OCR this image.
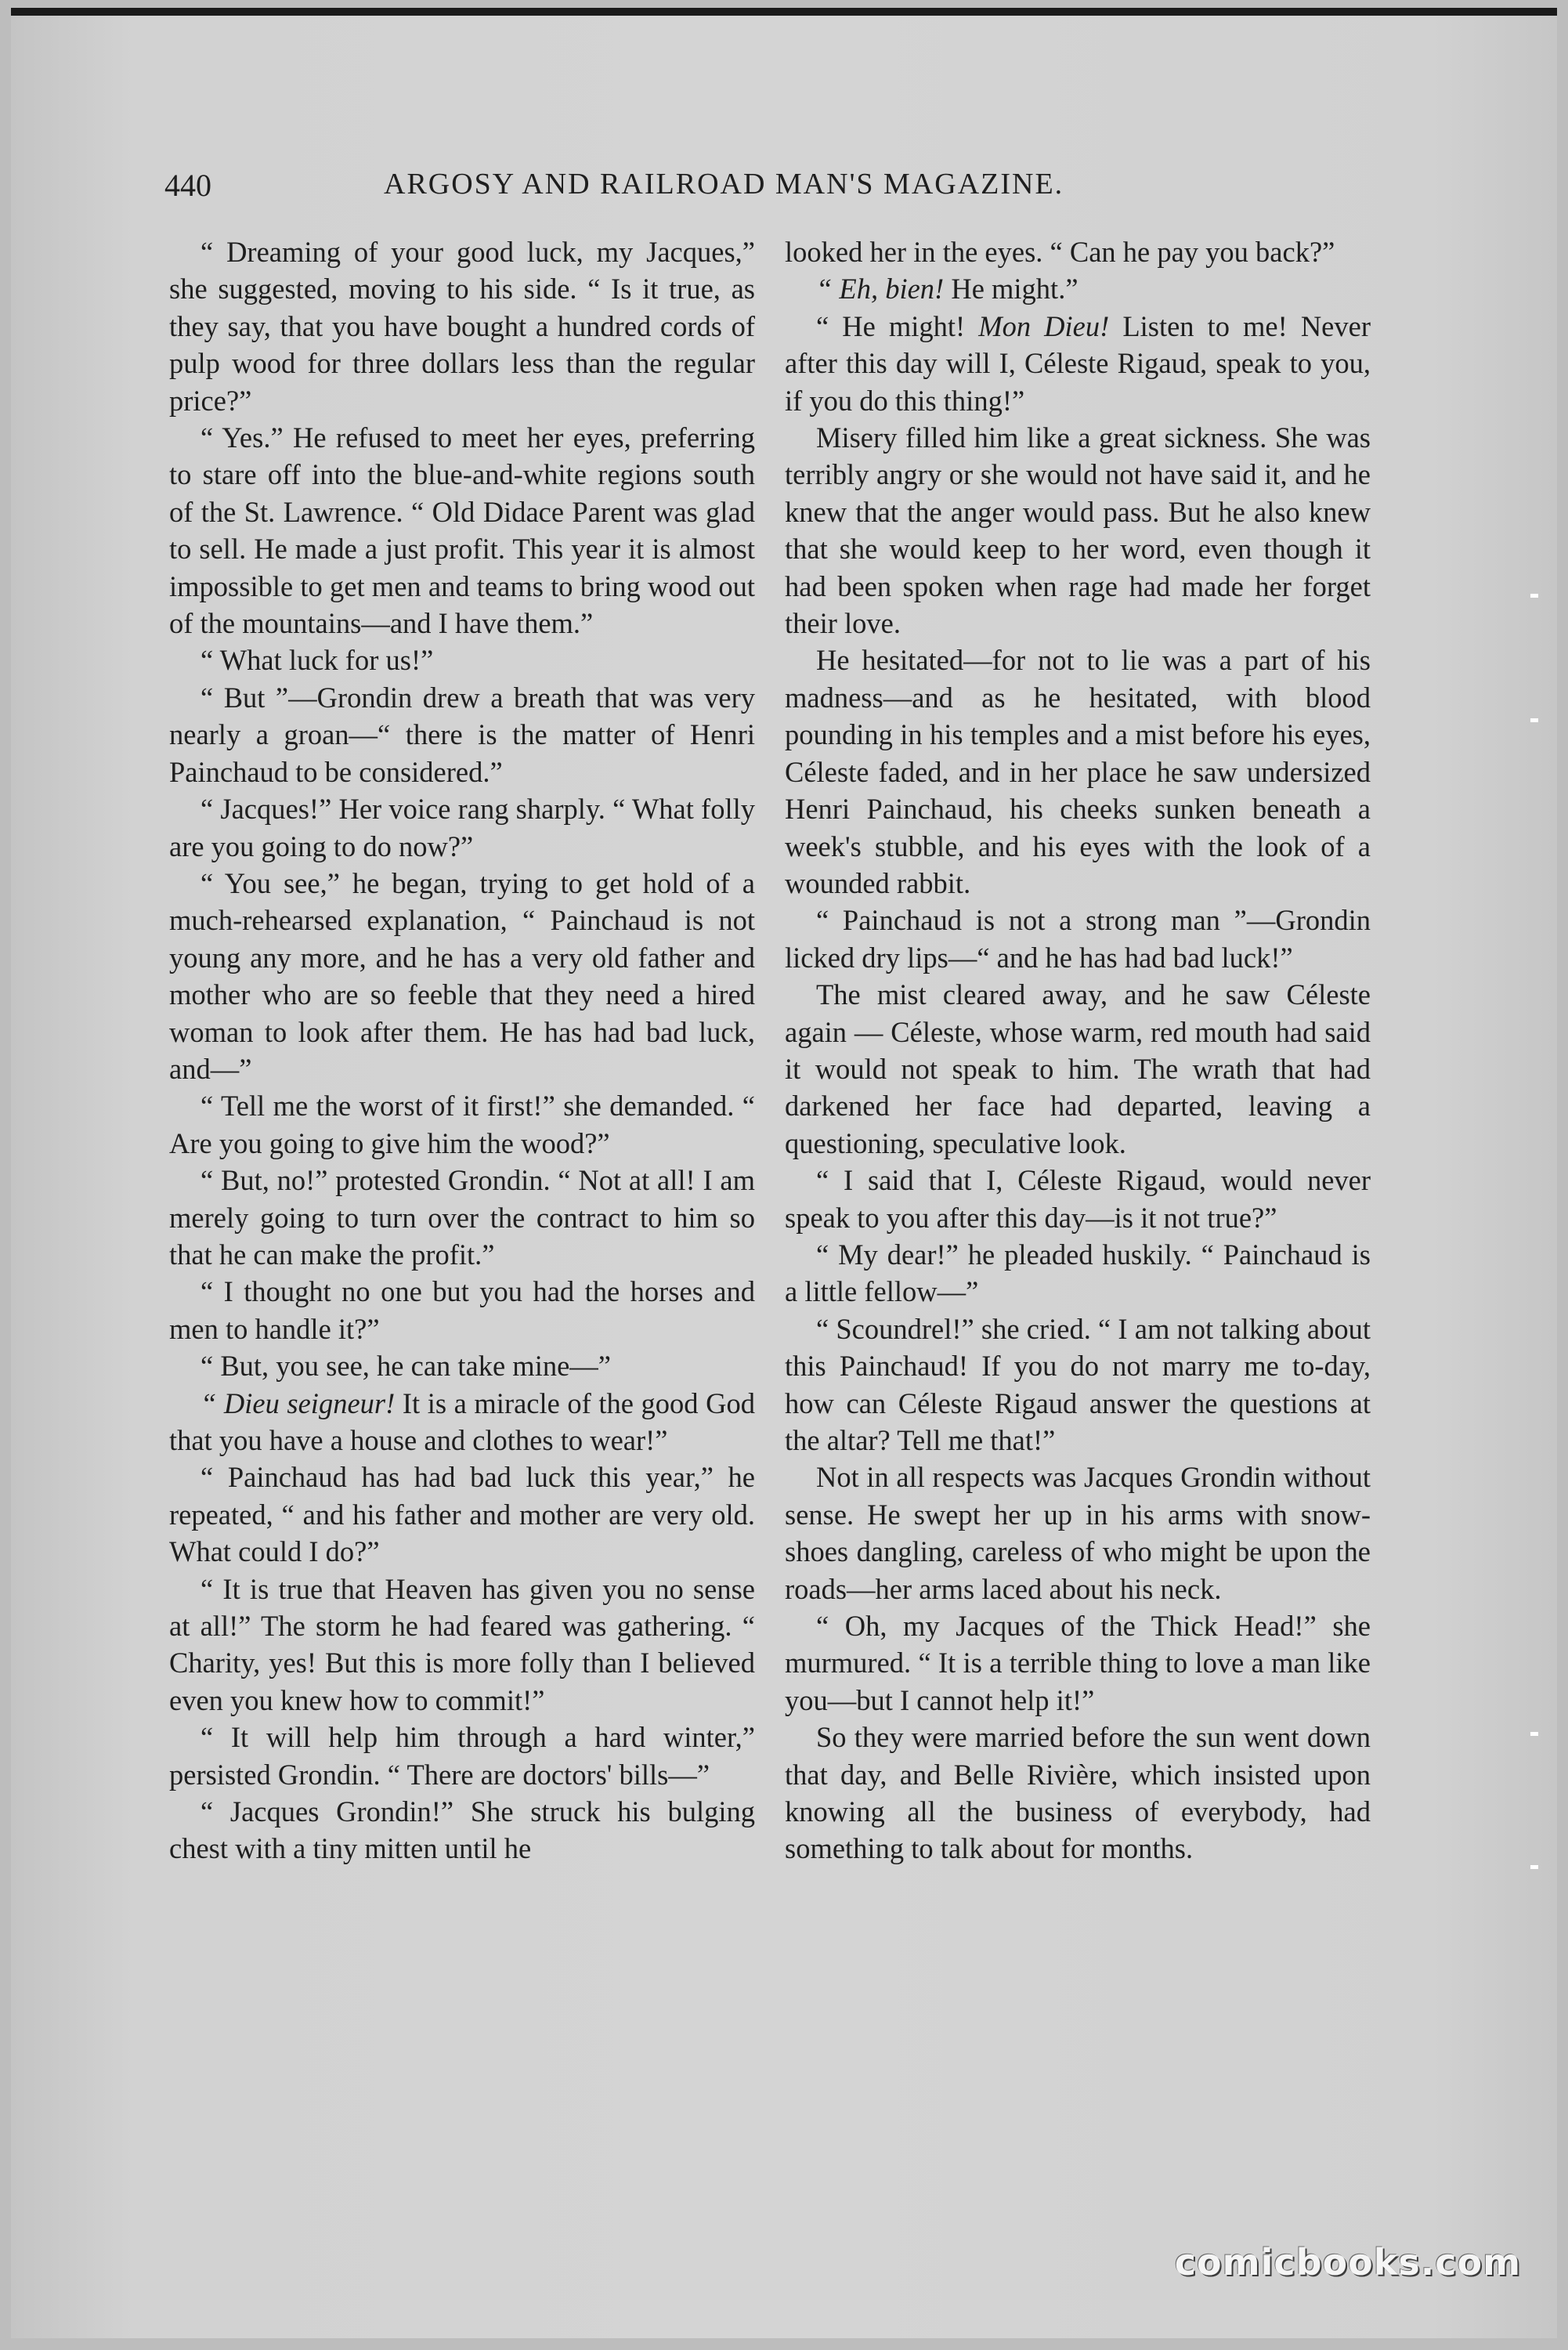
440	ARGOSY AND RAILROAD MAN'S MAGAZINE.

“ Dreaming of your good luck, my Jacques,” she suggested, moving to his side. “ Is it true, as they say, that you have bought a hundred cords of pulp wood for three dollars less than the regular price?”

“ Yes.” He refused to meet her eyes, preferring to stare off into the blue-and-white regions south of the St. Lawrence. “ Old Didace Parent was glad to sell. He made a just profit. This year it is almost impossible to get men and teams to bring wood out of the mountains—and I have them.”

“ What luck for us!”

“ But ”—Grondin drew a breath that was very nearly a groan—“ there is the matter of Henri Painchaud to be considered.”

“ Jacques!” Her voice rang sharply. “ What folly are you going to do now?”

“ You see,” he began, trying to get hold of a much-rehearsed explanation, “ Painchaud is not young any more, and he has a very old father and mother who are so feeble that they need a hired woman to look after them. He has had bad luck, and—”

“ Tell me the worst of it first!” she demanded. “ Are you going to give him the wood?”

“ But, no!” protested Grondin. “ Not at all! I am merely going to turn over the contract to him so that he can make the profit.”

“ I thought no one but you had the horses and men to handle it?”

“ But, you see, he can take mine—”

“ Dieu seigneur! It is a miracle of the good God that you have a house and clothes to wear!”

“ Painchaud has had bad luck this year,” he repeated, “ and his father and mother are very old. What could I do?”

“ It is true that Heaven has given you no sense at all!” The storm he had feared was gathering. “ Charity, yes! But this is more folly than I believed even you knew how to commit!”

“ It will help him through a hard winter,” persisted Grondin. “ There are doctors' bills—”

“ Jacques Grondin!” She struck his bulging chest with a tiny mitten until he

looked her in the eyes. “ Can he pay you back?”

“ Eh, bien! He might.”

“ He might! Mon Dieu! Listen to me! Never after this day will I, Céleste Rigaud, speak to you, if you do this thing!”

Misery filled him like a great sickness. She was terribly angry or she would not have said it, and he knew that the anger would pass. But he also knew that she would keep to her word, even though it had been spoken when rage had made her forget their love.

He hesitated—for not to lie was a part of his madness—and as he hesitated, with blood pounding in his temples and a mist before his eyes, Céleste faded, and in her place he saw undersized Henri Painchaud, his cheeks sunken beneath a week's stubble, and his eyes with the look of a wounded rabbit.

“ Painchaud is not a strong man ”—Grondin licked dry lips—“ and he has had bad luck!”

The mist cleared away, and he saw Céleste again — Céleste, whose warm, red mouth had said it would not speak to him. The wrath that had darkened her face had departed, leaving a questioning, speculative look.

“ I said that I, Céleste Rigaud, would never speak to you after this day—is it not true?”

“ My dear!” he pleaded huskily. “ Painchaud is a little fellow—”

“ Scoundrel!” she cried. “ I am not talking about this Painchaud! If you do not marry me to-day, how can Céleste Rigaud answer the questions at the altar? Tell me that!”

Not in all respects was Jacques Grondin without sense. He swept her up in his arms with snow-shoes dangling, careless of who might be upon the roads—her arms laced about his neck.

“ Oh, my Jacques of the Thick Head!” she murmured. “ It is a terrible thing to love a man like you—but I cannot help it!”

So they were married before the sun went down that day, and Belle Rivière, which insisted upon knowing all the business of everybody, had something to talk about for months.

comicbooks.com
